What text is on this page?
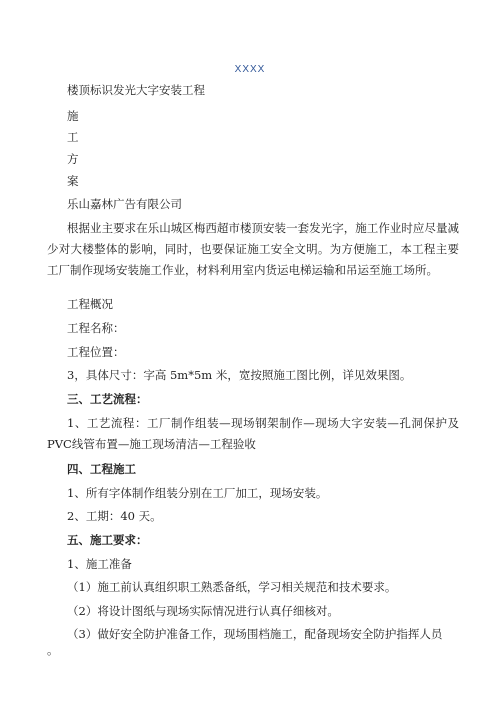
XXXX
楼顶标识发光大字安装工程
施
工
方
案
乐山嘉林广告有限公司
根据业主要求在乐山城区梅西超市楼顶安装一套发光字，施工作业时应尽量减少对大楼整体的影响，同时，也要保证施工安全文明。为方便施工，本工程主要工厂制作现场安装施工作业，材料利用室内货运电梯运输和吊运至施工场所。
工程概况
工程名称：
工程位置：
3，具体尺寸：字高 5m*5m 米，宽按照施工图比例，详见效果图。
三、工艺流程：
1、工艺流程：工厂制作组装—现场钢架制作—现场大字安装—孔洞保护及PVC线管布置—施工现场清洁—工程验收
四、工程施工
1、所有字体制作组装分别在工厂加工，现场安装。
2、工期：40 天。
五、施工要求：
1、施工准备
（1）施工前认真组织职工熟悉备纸，学习相关规范和技术要求。
（2）将设计图纸与现场实际情况进行认真仔细核对。
（3）做好安全防护准备工作，现场围档施工，配备现场安全防护指挥人员
。
